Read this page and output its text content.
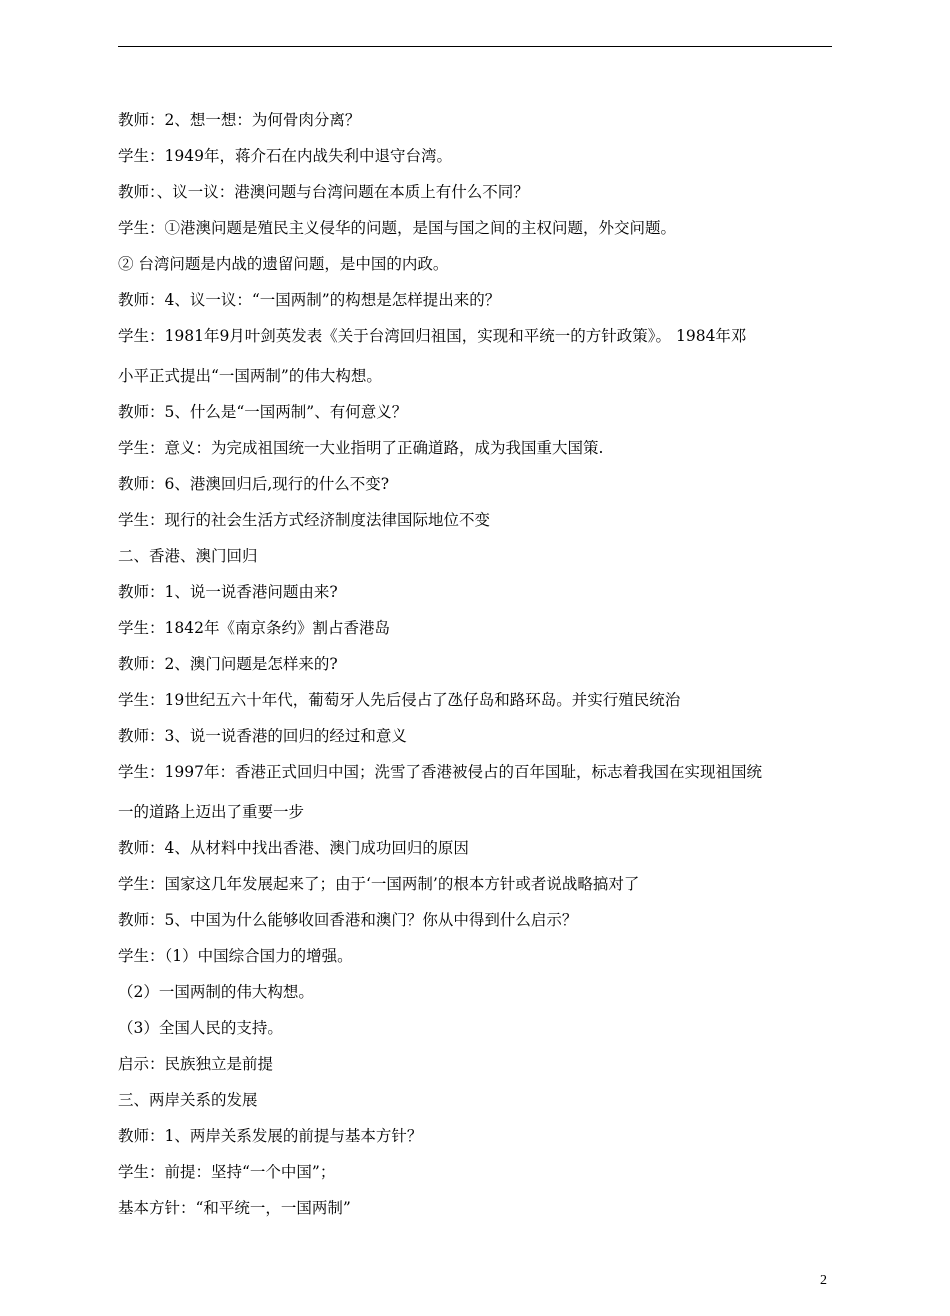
教师：2、想一想：为何骨肉分离？
学生：1949年，蒋介石在内战失利中退守台湾。
教师：、议一议：港澳问题与台湾问题在本质上有什么不同？
学生：①港澳问题是殖民主义侵华的问题，是国与国之间的主权问题，外交问题。
② 台湾问题是内战的遗留问题，是中国的内政。
教师：4、议一议：“一国两制”的构想是怎样提出来的？
学生：1981年9月叶剑英发表《关于台湾回归祖国，实现和平统一的方针政策》。 1984年邓
小平正式提出“一国两制”的伟大构想。
教师：5、什么是“一国两制”、有何意义？
学生：意义：为完成祖国统一大业指明了正确道路，成为我国重大国策.
教师：6、港澳回归后,现行的什么不变?
学生：现行的社会生活方式经济制度法律国际地位不变
二、香港、澳门回归
教师：1、说一说香港问题由来?
学生：1842年《南京条约》割占香港岛
教师：2、澳门问题是怎样来的?
学生：19世纪五六十年代，葡萄牙人先后侵占了氹仔岛和路环岛。并实行殖民统治
教师：3、说一说香港的回归的经过和意义
学生：1997年：香港正式回归中国；洗雪了香港被侵占的百年国耻，标志着我国在实现祖国统
一的道路上迈出了重要一步
教师：4、从材料中找出香港、澳门成功回归的原因
学生：国家这几年发展起来了；由于‘一国两制’的根本方针或者说战略搞对了
教师：5、中国为什么能够收回香港和澳门？你从中得到什么启示？
学生：（1）中国综合国力的增强。
（2）一国两制的伟大构想。
（3）全国人民的支持。
启示：民族独立是前提
三、两岸关系的发展
教师：1、两岸关系发展的前提与基本方针？
学生：前提：坚持“一个中国”；
基本方针：“和平统一，一国两制”
2
